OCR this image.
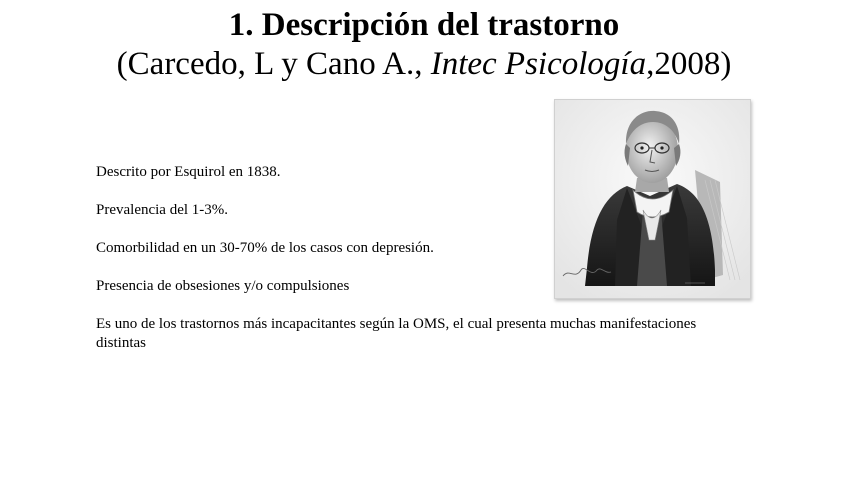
1. Descripción del trastorno

(Carcedo, L y Cano A., Intec Psicología,2008)

Descrito por Esquirol en 1838.
Prevalencia del 1-3%.
Comorbilidad en un 30-70% de los casos con depresión.
Presencia de obsesiones y/o compulsiones
Es uno de los trastornos más incapacitantes según la OMS, el cual presenta muchas manifestaciones distintas
